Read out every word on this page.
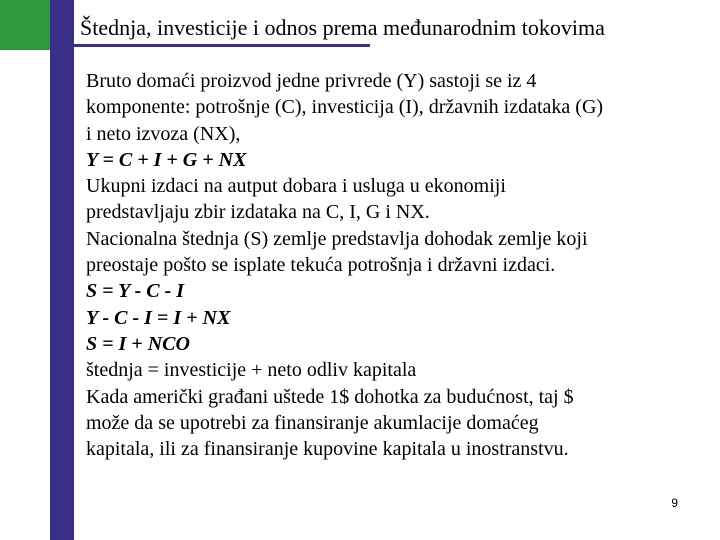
Štednja, investicije i odnos prema međunarodnim tokovima
Bruto domaći proizvod jedne privrede (Y) sastoji se iz 4
komponente: potrošnje (C), investicija (I), državnih izdataka (G)
i neto izvoza (NX),
Y = C + I + G + NX
Ukupni izdaci na autput dobara i usluga u ekonomiji
predstavljaju zbir izdataka na C, I, G i NX.
Nacionalna štednja (S) zemlje predstavlja dohodak zemlje koji
preostaje pošto se isplate tekuća potrošnja i državni izdaci.
S = Y - C - I
Y - C - I = I + NX
S = I + NCO
štednja = investicije + neto odliv kapitala
Kada američki građani uštede 1$ dohotka za budućnost, taj $
može da se upotrebi za finansiranje akumlacije domaćeg
kapitala, ili za finansiranje kupovine kapitala u inostranstvu.
9
